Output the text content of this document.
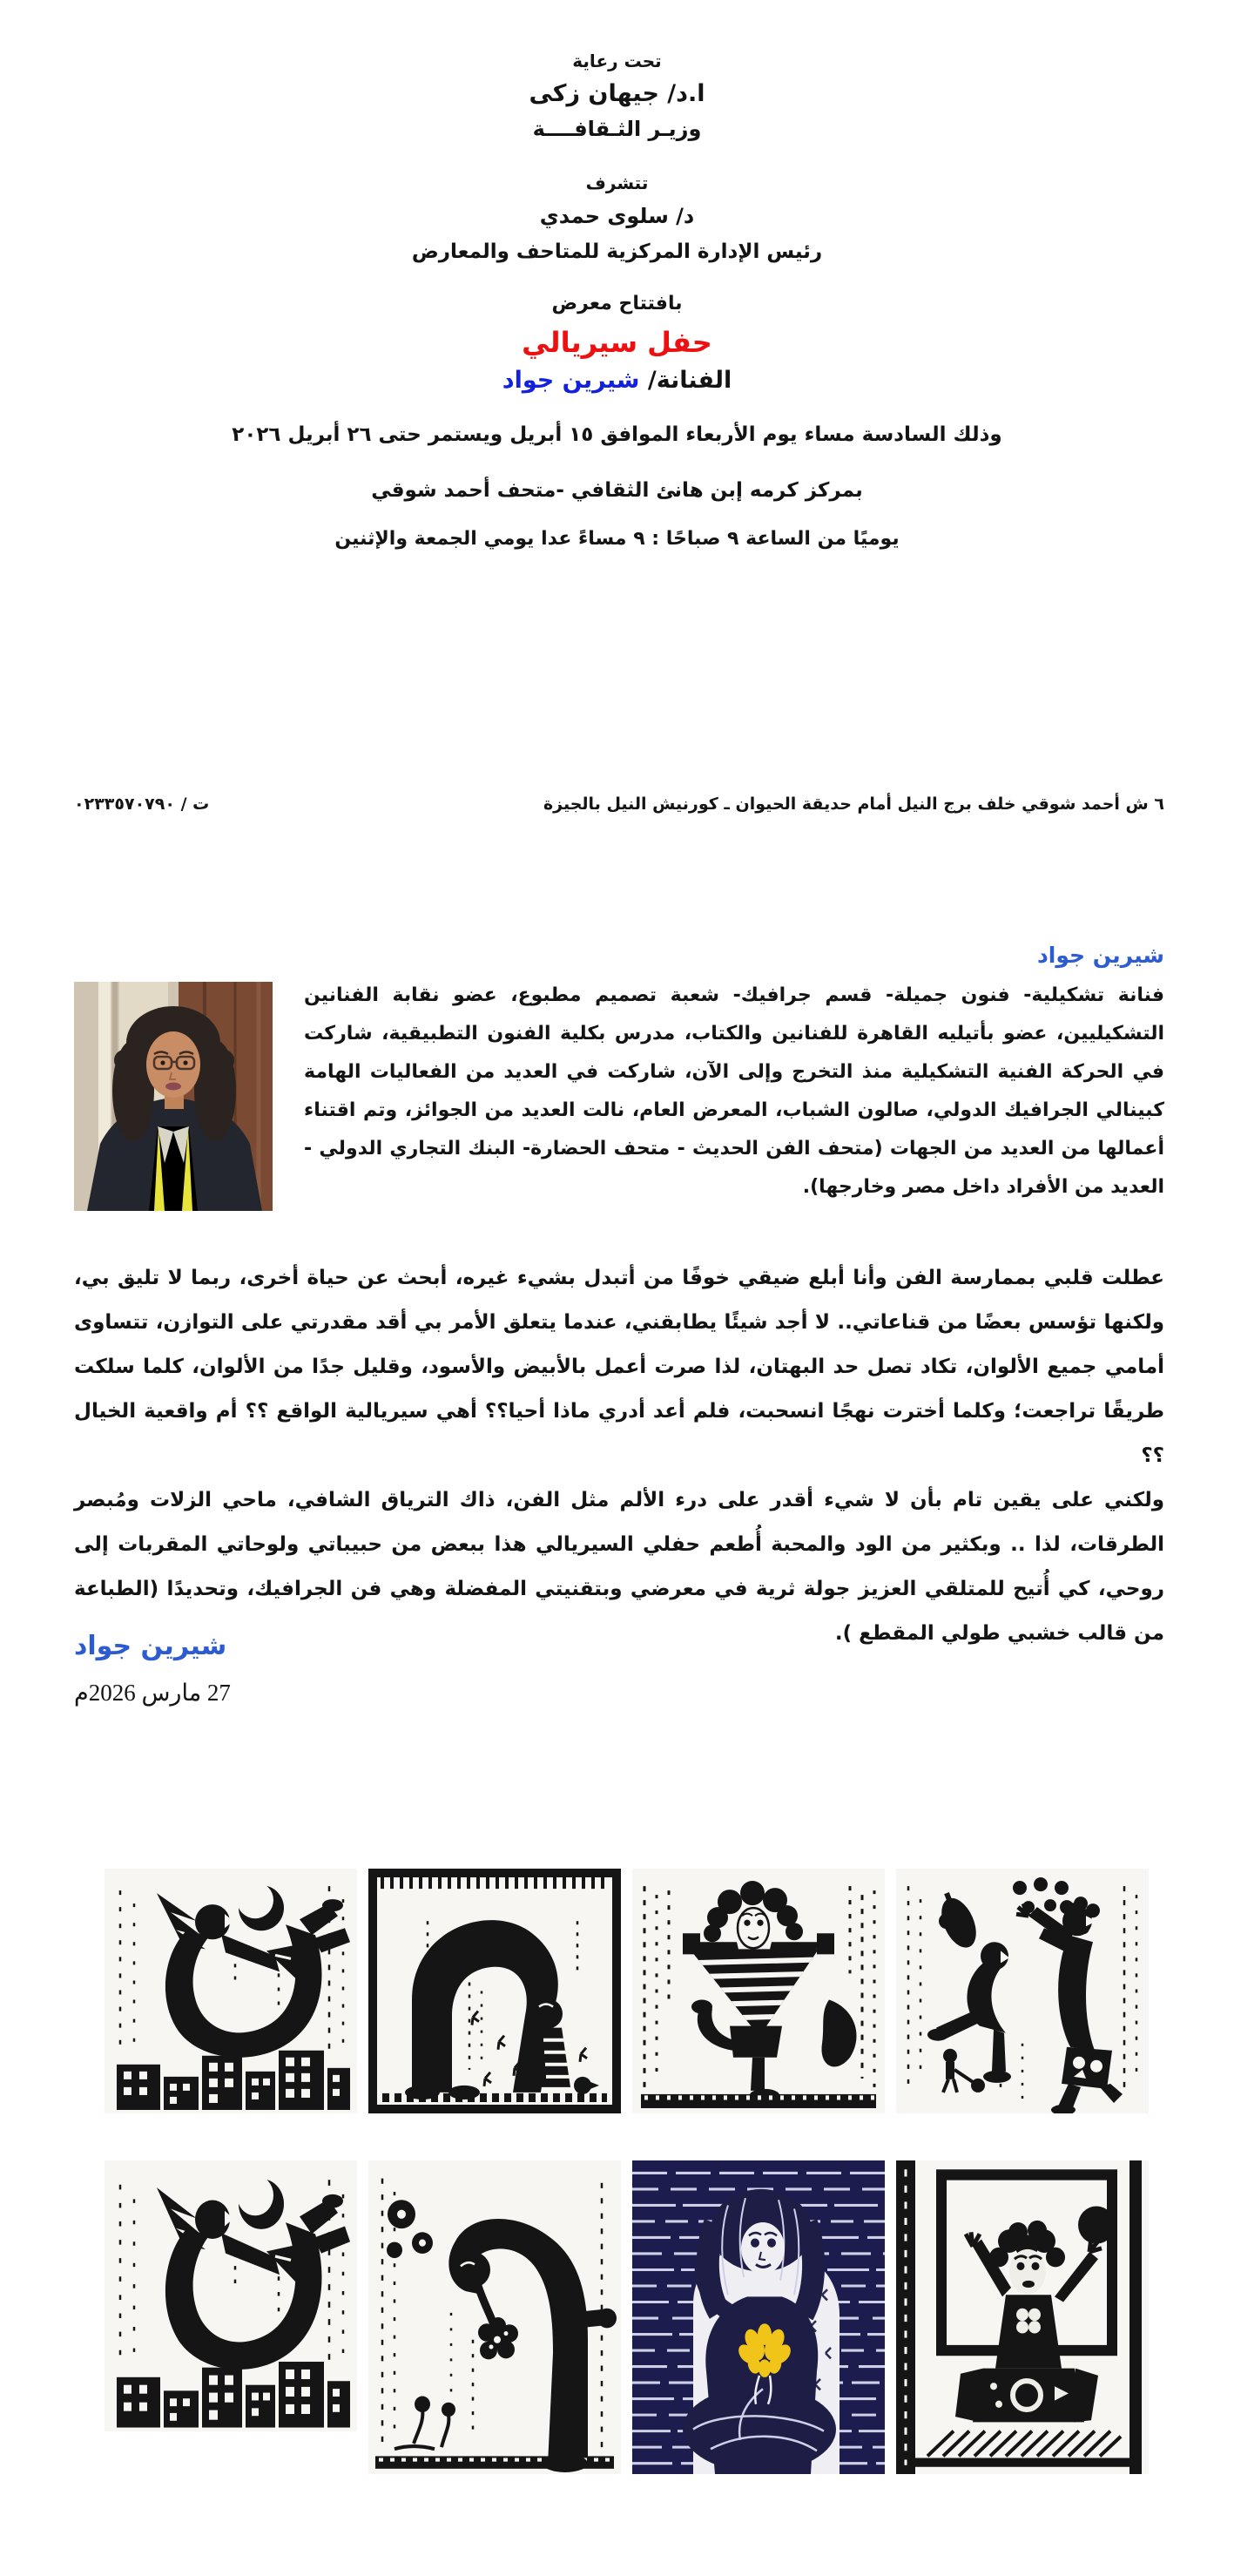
تحت رعاية
ا.د/ جيهان زكى
وزيـر الثـقافــــة
تتشرف
د/ سلوى حمدي
رئيس الإدارة المركزية للمتاحف والمعارض
بافتتاح معرض
حفل سيريالي
الفنانة/ شيرين جواد
وذلك السادسة مساء يوم الأربعاء الموافق ١٥ أبريل ويستمر حتى ٢٦ أبريل ٢٠٢٦
بمركز كرمه إبن هانئ الثقافي -متحف أحمد شوقي
يوميًا من الساعة ٩ صباحًا : ٩ مساءً عدا يومي الجمعة والإثنين
٦ ش أحمد شوقي خلف برج النيل أمام حديقة الحيوان ـ كورنيش النيل بالجيزة
ت / ٠٢٣٣٥٧٠٧٩٠
شيرين جواد

فنانة تشكيلية- فنون جميلة- قسم جرافيك- شعبة تصميم مطبوع، عضو نقابة الفنانين التشكيليين، عضو بأتيليه القاهرة للفنانين والكتاب، مدرس بكلية الفنون التطبيقية، شاركت في الحركة الفنية التشكيلية منذ التخرج وإلى الآن، شاركت في العديد من الفعاليات الهامة كبينالي الجرافيك الدولي، صالون الشباب، المعرض العام، نالت العديد من الجوائز، وتم اقتناء أعمالها من العديد من الجهات (متحف الفن الحديث - متحف الحضارة- البنك التجاري الدولي - العديد من الأفراد داخل مصر وخارجها).

عطلت قلبي بممارسة الفن وأنا أبلع ضيقي خوفًا من أتبدل بشيء غيره، أبحث عن حياة أخرى، ربما لا تليق بي، ولكنها تؤسس بعضًا من قناعاتي.. لا أجد شيئًا يطابقني، عندما يتعلق الأمر بي أقد مقدرتي على التوازن، تتساوى أمامي جميع الألوان، تكاد تصل حد البهتان، لذا صرت أعمل بالأبيض والأسود، وقليل جدًا من الألوان، كلما سلكت طريقًا تراجعت؛ وكلما أخترت نهجًا انسحبت، فلم أعد أدري ماذا أحيا؟؟ أهي سيريالية الواقع ؟؟ أم واقعية الخيال ؟؟

ولكني على يقين تام بأن لا شيء أقدر على درء الألم مثل الفن، ذاك الترياق الشافي، ماحي الزلات ومُبصر الطرقات، لذا .. وبكثير من الود والمحبة أُطعم حفلي السيريالي هذا ببعض من حبيباتي ولوحاتي المقربات إلى روحي، كي أُتيح للمتلقي العزيز جولة ثرية في معرضي وبتقنيتي المفضلة وهي فن الجرافيك، وتحديدًا (الطباعة من قالب خشبي طولي المقطع ).

شيرين جواد
27 مارس 2026م
